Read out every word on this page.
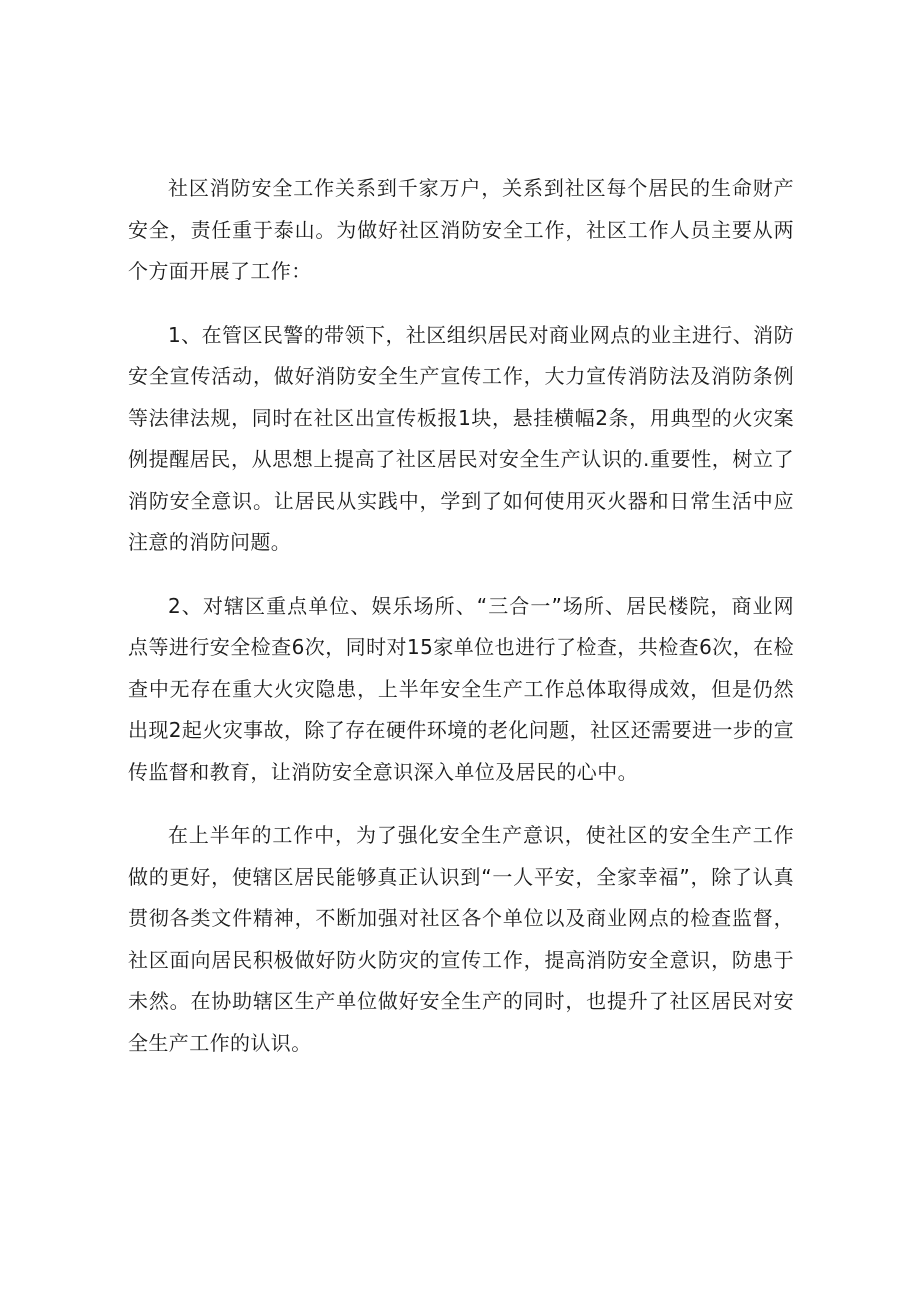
社区消防安全工作关系到千家万户，关系到社区每个居民的生命财产安全，责任重于泰山。为做好社区消防安全工作，社区工作人员主要从两个方面开展了工作：

1、在管区民警的带领下，社区组织居民对商业网点的业主进行、消防安全宣传活动，做好消防安全生产宣传工作，大力宣传消防法及消防条例等法律法规，同时在社区出宣传板报1块，悬挂横幅2条，用典型的火灾案例提醒居民，从思想上提高了社区居民对安全生产认识的.重要性，树立了消防安全意识。让居民从实践中，学到了如何使用灭火器和日常生活中应注意的消防问题。

2、对辖区重点单位、娱乐场所、“三合一”场所、居民楼院，商业网点等进行安全检查6次，同时对15家单位也进行了检查，共检查6次，在检查中无存在重大火灾隐患，上半年安全生产工作总体取得成效，但是仍然出现2起火灾事故，除了存在硬件环境的老化问题，社区还需要进一步的宣传监督和教育，让消防安全意识深入单位及居民的心中。

在上半年的工作中，为了强化安全生产意识，使社区的安全生产工作做的更好，使辖区居民能够真正认识到“一人平安，全家幸福”，除了认真贯彻各类文件精神，不断加强对社区各个单位以及商业网点的检查监督，社区面向居民积极做好防火防灾的宣传工作，提高消防安全意识，防患于未然。在协助辖区生产单位做好安全生产的同时，也提升了社区居民对安全生产工作的认识。
